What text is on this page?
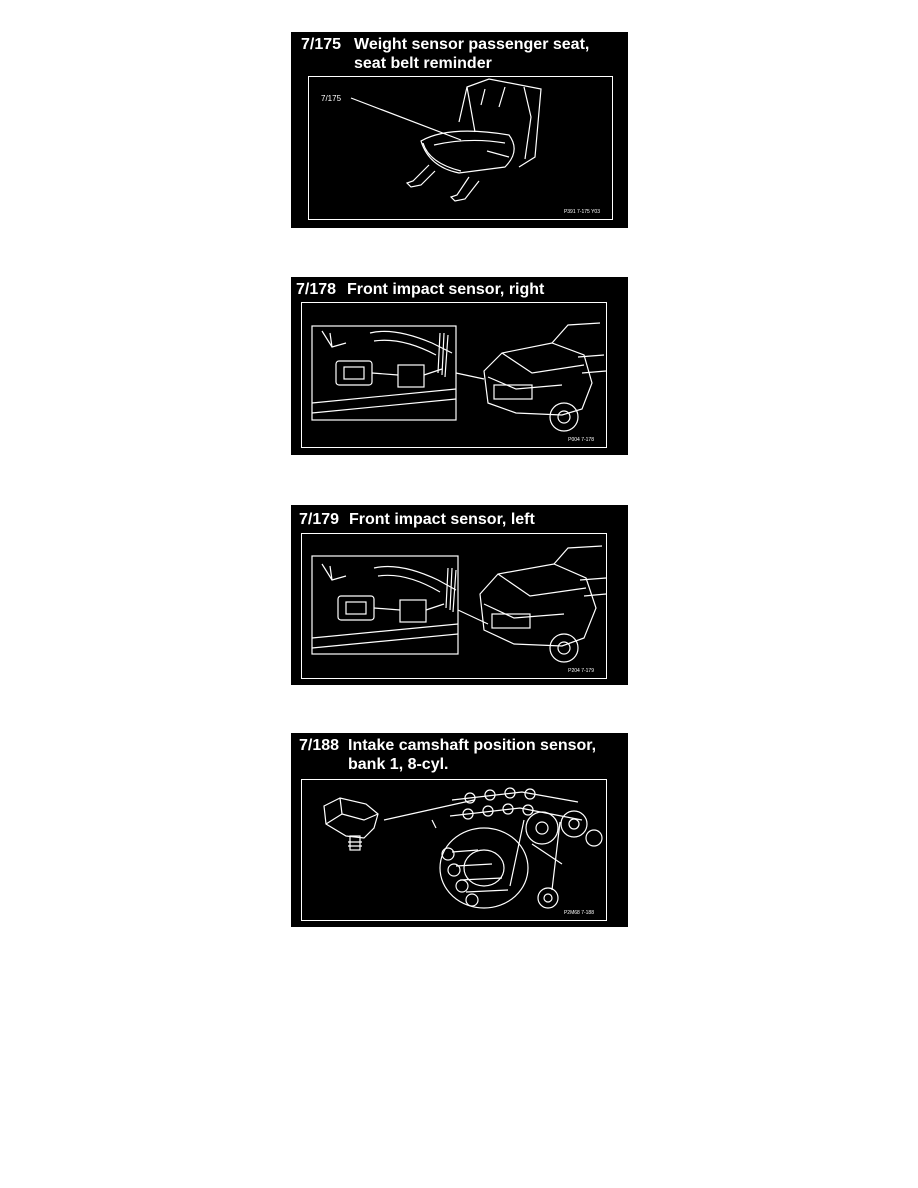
7/175 Weight sensor passenger seat, seat belt reminder
7/175
P391 7-175 Y03
7/178 Front impact sensor, right
P004 7-178
7/179 Front impact sensor, left
P204 7-179
7/188 Intake camshaft position sensor, bank 1, 8-cyl.
P2M68 7-188
